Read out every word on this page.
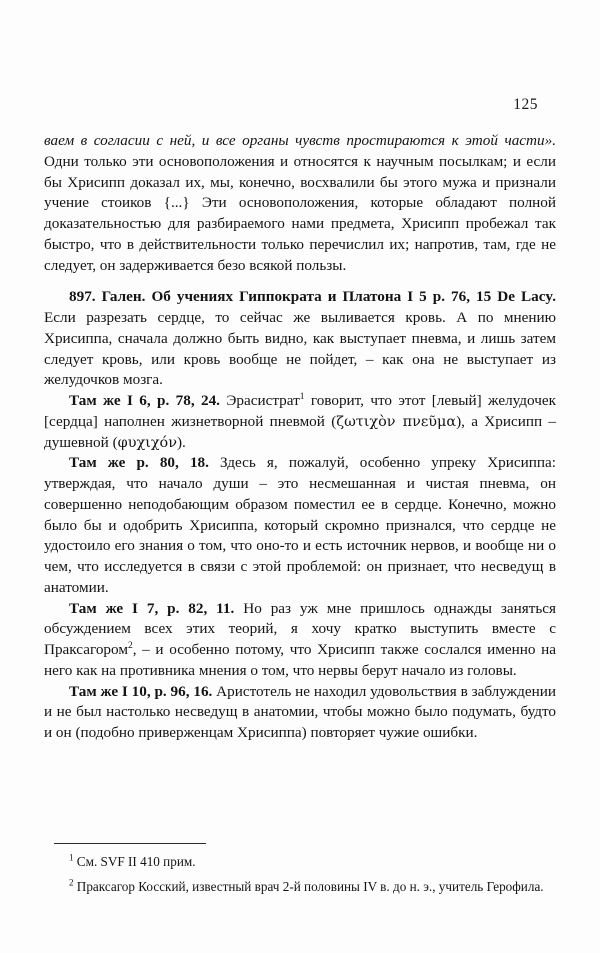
125

ваем в согласии с ней, и все органы чувств простираются к этой части». Одни только эти основоположения и относятся к научным посылкам; и если бы Хрисипп доказал их, мы, конечно, восхвалили бы этого мужа и признали учение стоиков {...} Эти основоположения, которые обладают полной доказательностью для разбираемого нами предмета, Хрисипп пробежал так быстро, что в действительности только перечислил их; напротив, там, где не следует, он задерживается безо всякой пользы.

897. Гален. Об учениях Гиппократа и Платона I 5 р. 76, 15 De Lacy. Если разрезать сердце, то сейчас же выливается кровь. А по мнению Хрисиппа, сначала должно быть видно, как выступает пневма, и лишь затем следует кровь, или кровь вообще не пойдет, – как она не выступает из желудочков мозга.

Там же I 6, р. 78, 24. Эрасистрат$^1$ говорит, что этот [левый] желудочек [сердца] наполнен жизнетворной пневмой (ζωτιχὸν πνεῦμα), а Хрисипп – душевной (φυχιχόν).

Там же р. 80, 18. Здесь я, пожалуй, особенно упреку Хрисиппа: утверждая, что начало души – это несмешанная и чистая пневма, он совершенно неподобающим образом поместил ее в сердце. Конечно, можно было бы и одобрить Хрисиппа, который скромно признался, что сердце не удостоило его знания о том, что оно-то и есть источник нервов, и вообще ни о чем, что исследуется в связи с этой проблемой: он признает, что несведущ в анатомии.

Там же I 7, р. 82, 11. Но раз уж мне пришлось однажды заняться обсуждением всех этих теорий, я хочу кратко выступить вместе с Праксагором$^2$, – и особенно потому, что Хрисипп также сослался именно на него как на противника мнения о том, что нервы берут начало из головы.

Там же I 10, р. 96, 16. Аристотель не находил удовольствия в заблуждении и не был настолько несведущ в анатомии, чтобы можно было подумать, будто и он (подобно приверженцам Хрисиппа) повторяет чужие ошибки.

$^1$ См. SVF II 410 прим.

$^2$ Праксагор Косский, известный врач 2-й половины IV в. до н. э., учитель Герофила.
